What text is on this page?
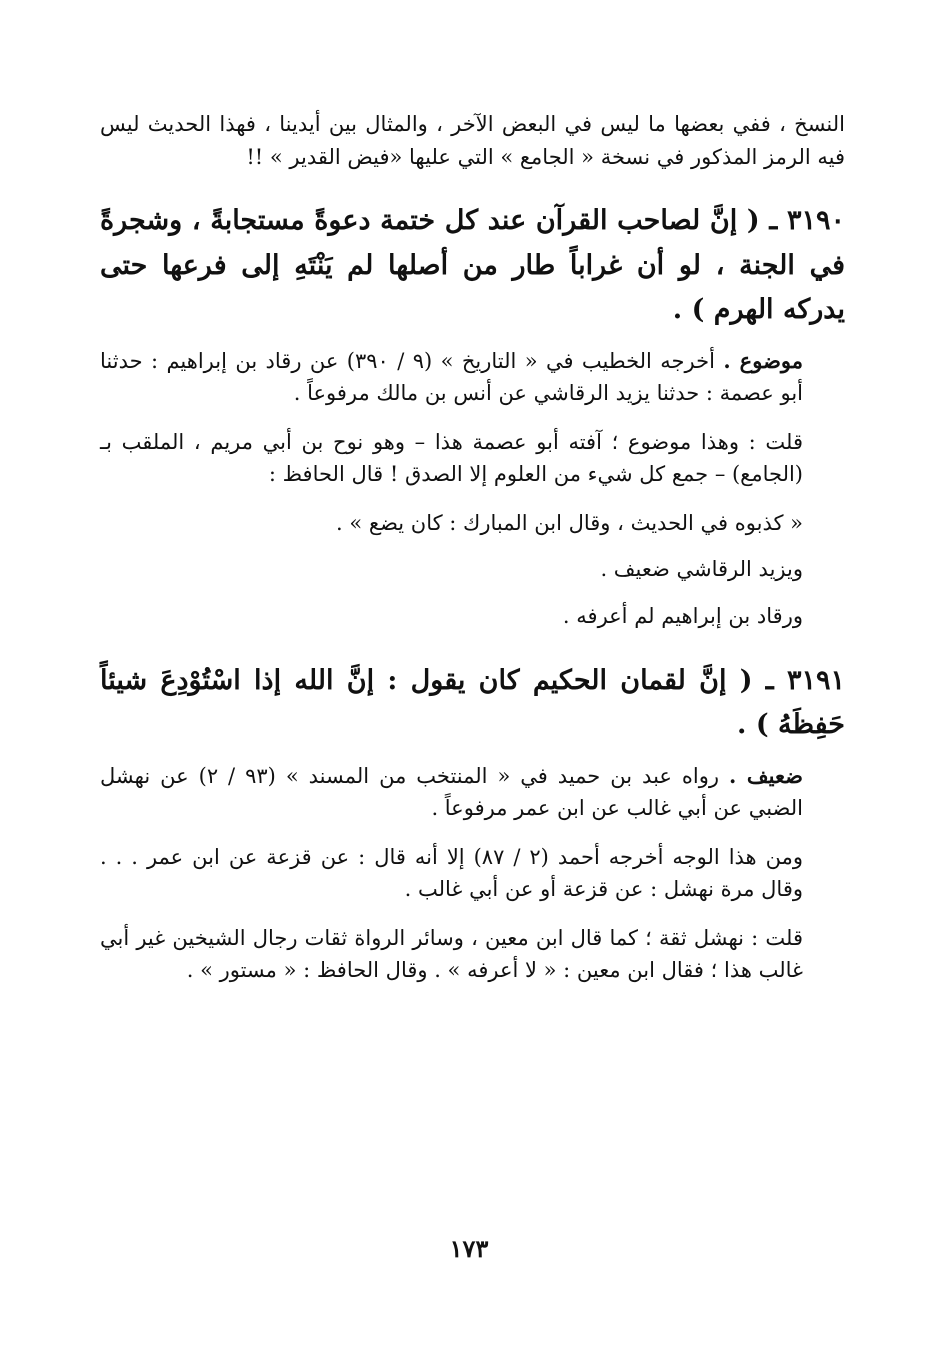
النسخ ، ففي بعضها ما ليس في البعض الآخر ، والمثال بين أيدينا ، فهذا الحديث ليس فيه الرمز المذكور في نسخة « الجامع » التي عليها «فيض القدير » !!

٣١٩٠ ـ ( إنَّ لصاحب القرآن عند كل ختمة دعوةً مستجابةً ، وشجرةً في الجنة ، لو أن غراباً طار من أصلها لم يَنْتَهِ إلى فرعها حتى يدركه الهرم ) .

موضوع . أخرجه الخطيب في « التاريخ » (٩ / ٣٩٠) عن رقاد بن إبراهيم : حدثنا أبو عصمة : حدثنا يزيد الرقاشي عن أنس بن مالك مرفوعاً .

قلت : وهذا موضوع ؛ آفته أبو عصمة هذا – وهو نوح بن أبي مريم ، الملقب بـ (الجامع) – جمع كل شيء من العلوم إلا الصدق ! قال الحافظ :

« كذبوه في الحديث ، وقال ابن المبارك : كان يضع » .

ويزيد الرقاشي ضعيف .

ورقاد بن إبراهيم لم أعرفه .

٣١٩١ ـ ( إنَّ لقمان الحكيم كان يقول : إنَّ الله إذا اسْتُوْدِعَ شيئاً حَفِظَهُ ) .

ضعيف . رواه عبد بن حميد في « المنتخب من المسند » (٩٣ / ٢) عن نهشل الضبي عن أبي غالب عن ابن عمر مرفوعاً .

ومن هذا الوجه أخرجه أحمد (٢ / ٨٧) إلا أنه قال : عن قزعة عن ابن عمر . . . وقال مرة نهشل : عن قزعة أو عن أبي غالب .

قلت : نهشل ثقة ؛ كما قال ابن معين ، وسائر الرواة ثقات رجال الشيخين غير أبي غالب هذا ؛ فقال ابن معين : « لا أعرفه » . وقال الحافظ : « مستور » .

١٧٣
